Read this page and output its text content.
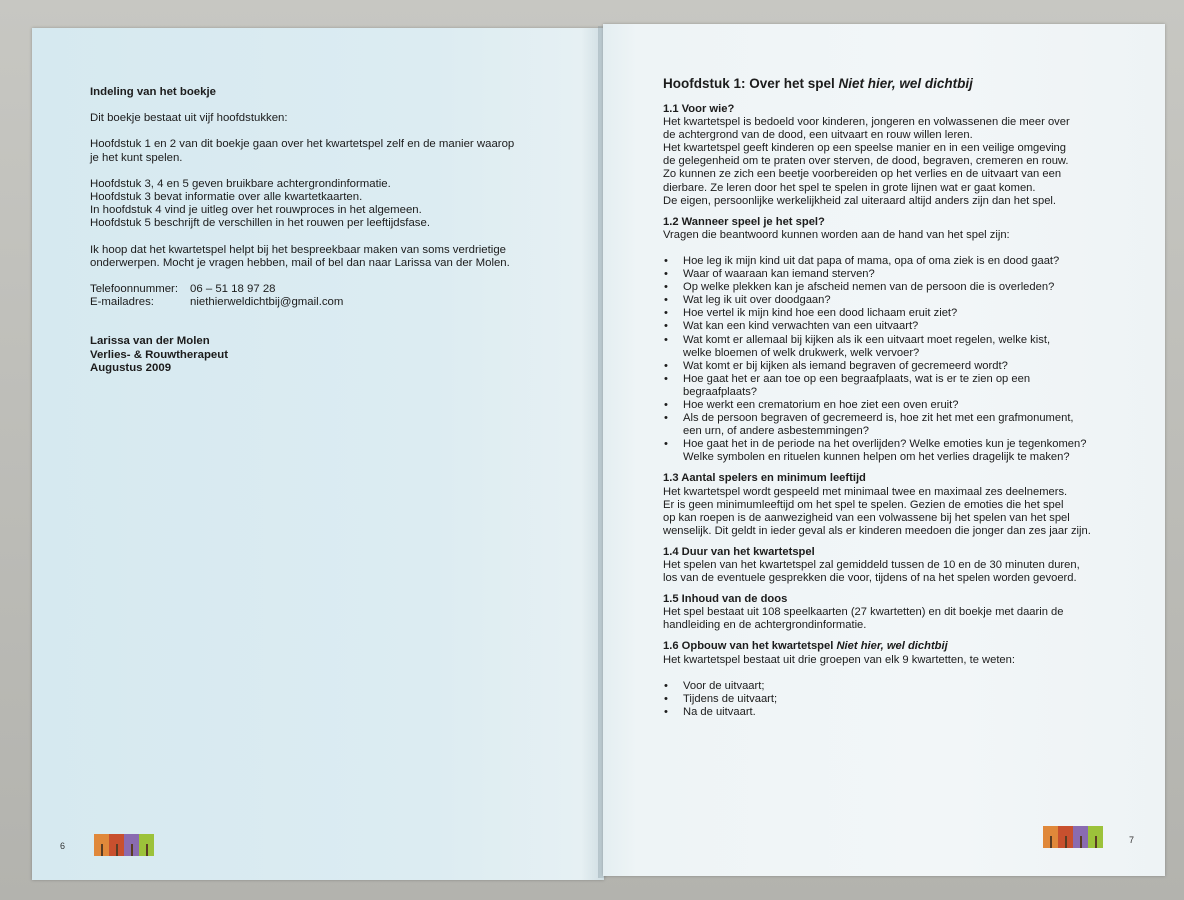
Indeling van het boekje
Dit boekje bestaat uit vijf hoofdstukken:
Hoofdstuk 1 en 2 van dit boekje gaan over het kwartetspel zelf en de manier waarop
je het kunt spelen.
Hoofdstuk 3, 4 en 5 geven bruikbare achtergrondinformatie.
Hoofdstuk 3 bevat informatie over alle kwartetkaarten.
In hoofdstuk 4 vind je uitleg over het rouwproces in het algemeen.
Hoofdstuk 5 beschrijft de verschillen in het rouwen per leeftijdsfase.
Ik hoop dat het kwartetspel helpt bij het bespreekbaar maken van soms verdrietige
onderwerpen. Mocht je vragen hebben, mail of bel dan naar Larissa van der Molen.
Telefoonnummer:	06 – 51 18 97 28
E-mailadres:	niethierweldichtbij@gmail.com
Larissa van der Molen
Verlies- & Rouwtherapeut
Augustus 2009
6
Hoofdstuk 1: Over het spel Niet hier, wel dichtbij
1.1 Voor wie?
Het kwartetspel is bedoeld voor kinderen, jongeren en volwassenen die meer over
de achtergrond van de dood, een uitvaart en rouw willen leren.
Het kwartetspel geeft kinderen op een speelse manier en in een veilige omgeving
de gelegenheid om te praten over sterven, de dood, begraven, cremeren en rouw.
Zo kunnen ze zich een beetje voorbereiden op het verlies en de uitvaart van een
dierbare. Ze leren door het spel te spelen in grote lijnen wat er gaat komen.
De eigen, persoonlijke werkelijkheid zal uiteraard altijd anders zijn dan het spel.
1.2 Wanneer speel je het spel?
Vragen die beantwoord kunnen worden aan de hand van het spel zijn:
• Hoe leg ik mijn kind uit dat papa of mama, opa of oma ziek is en dood gaat?
• Waar of waaraan kan iemand sterven?
• Op welke plekken kan je afscheid nemen van de persoon die is overleden?
• Wat leg ik uit over doodgaan?
• Hoe vertel ik mijn kind hoe een dood lichaam eruit ziet?
• Wat kan een kind verwachten van een uitvaart?
• Wat komt er allemaal bij kijken als ik een uitvaart moet regelen, welke kist,
welke bloemen of welk drukwerk, welk vervoer?
• Wat komt er bij kijken als iemand begraven of gecremeerd wordt?
• Hoe gaat het er aan toe op een begraafplaats, wat is er te zien op een
begraafplaats?
• Hoe werkt een crematorium en hoe ziet een oven eruit?
• Als de persoon begraven of gecremeerd is, hoe zit het met een grafmonument,
een urn, of andere asbestemmingen?
• Hoe gaat het in de periode na het overlijden? Welke emoties kun je tegenkomen?
Welke symbolen en rituelen kunnen helpen om het verlies dragelijk te maken?
1.3 Aantal spelers en minimum leeftijd
Het kwartetspel wordt gespeeld met minimaal twee en maximaal zes deelnemers.
Er is geen minimumleeftijd om het spel te spelen. Gezien de emoties die het spel
op kan roepen is de aanwezigheid van een volwassene bij het spelen van het spel
wenselijk. Dit geldt in ieder geval als er kinderen meedoen die jonger dan zes jaar zijn.
1.4 Duur van het kwartetspel
Het spelen van het kwartetspel zal gemiddeld tussen de 10 en de 30 minuten duren,
los van de eventuele gesprekken die voor, tijdens of na het spelen worden gevoerd.
1.5 Inhoud van de doos
Het spel bestaat uit 108 speelkaarten (27 kwartetten) en dit boekje met daarin de
handleiding en de achtergrondinformatie.
1.6 Opbouw van het kwartetspel Niet hier, wel dichtbij
Het kwartetspel bestaat uit drie groepen van elk 9 kwartetten, te weten:
• Voor de uitvaart;
• Tijdens de uitvaart;
• Na de uitvaart.
7
